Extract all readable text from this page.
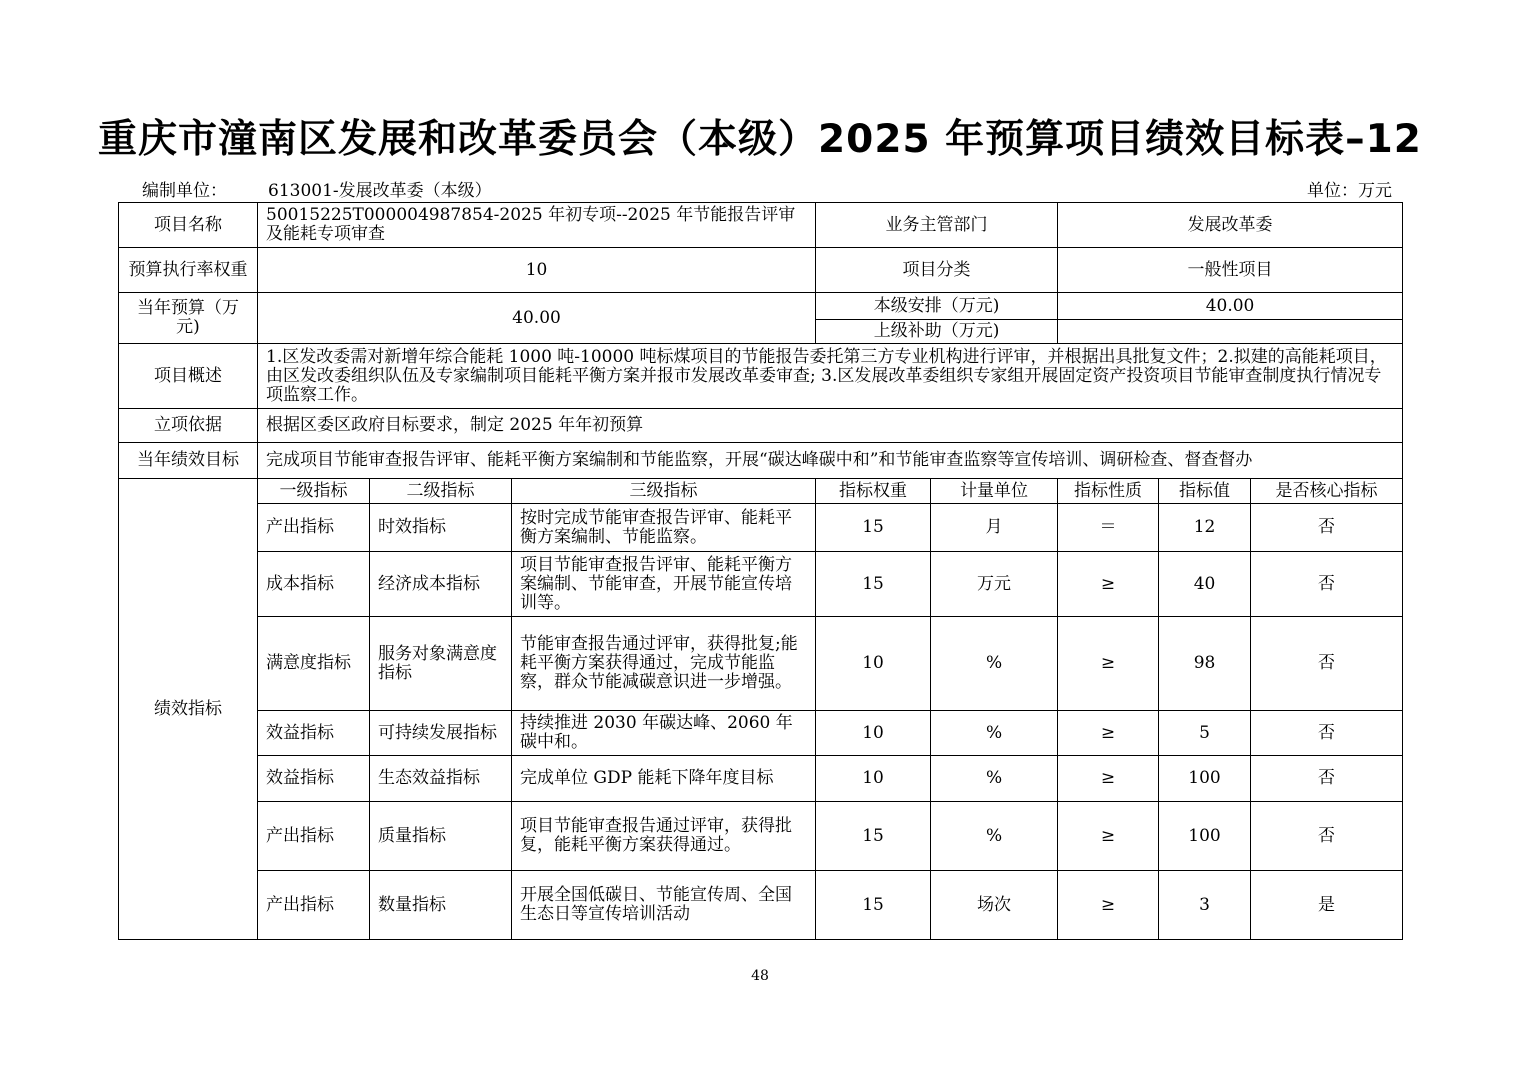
重庆市潼南区发展和改革委员会（本级）2025 年预算项目绩效目标表–12
编制单位： 613001-发展改革委（本级）	单位：万元
项目名称	50015225T000004987854-2025 年初专项--2025 年节能报告评审及能耗专项审查			业务主管部门		发展改革委		
预算执行率权重	10			项目分类		一般性项目		
当年预算（万元)	40.00			本级安排（万元)		40.00		
				上级补助（万元)				
项目概述	1.区发改委需对新增年综合能耗 1000 吨-10000 吨标煤项目的节能报告委托第三方专业机构进行评审，并根据出具批复文件；2.拟建的高能耗项目，由区发改委组织队伍及专家编制项目能耗平衡方案并报市发展改革委审查; 3.区发展改革委组织专家组开展固定资产投资项目节能审查制度执行情况专项监察工作。							
立项依据	根据区委区政府目标要求，制定 2025 年年初预算							
当年绩效目标	完成项目节能审查报告评审、能耗平衡方案编制和节能监察，开展“碳达峰碳中和”和节能审查监察等宣传培训、调研检查、督查督办							
绩效指标	一级指标	二级指标	三级指标	指标权重	计量单位	指标性质	指标值	是否核心指标
	产出指标	时效指标	按时完成节能审查报告评审、能耗平衡方案编制、节能监察。	15	月	＝	12	否
	成本指标	经济成本指标	项目节能审查报告评审、能耗平衡方案编制、节能审查，开展节能宣传培训等。	15	万元	≥	40	否
	满意度指标	服务对象满意度指标	节能审查报告通过评审，获得批复;能耗平衡方案获得通过，完成节能监察，群众节能减碳意识进一步增强。	10	%	≥	98	否
	效益指标	可持续发展指标	持续推进 2030 年碳达峰、2060 年碳中和。	10	%	≥	5	否
	效益指标	生态效益指标	完成单位 GDP 能耗下降年度目标	10	%	≥	100	否
	产出指标	质量指标	项目节能审查报告通过评审，获得批复，能耗平衡方案获得通过。	15	%	≥	100	否
	产出指标	数量指标	开展全国低碳日、节能宣传周、全国生态日等宣传培训活动	15	场次	≥	3	是
48
